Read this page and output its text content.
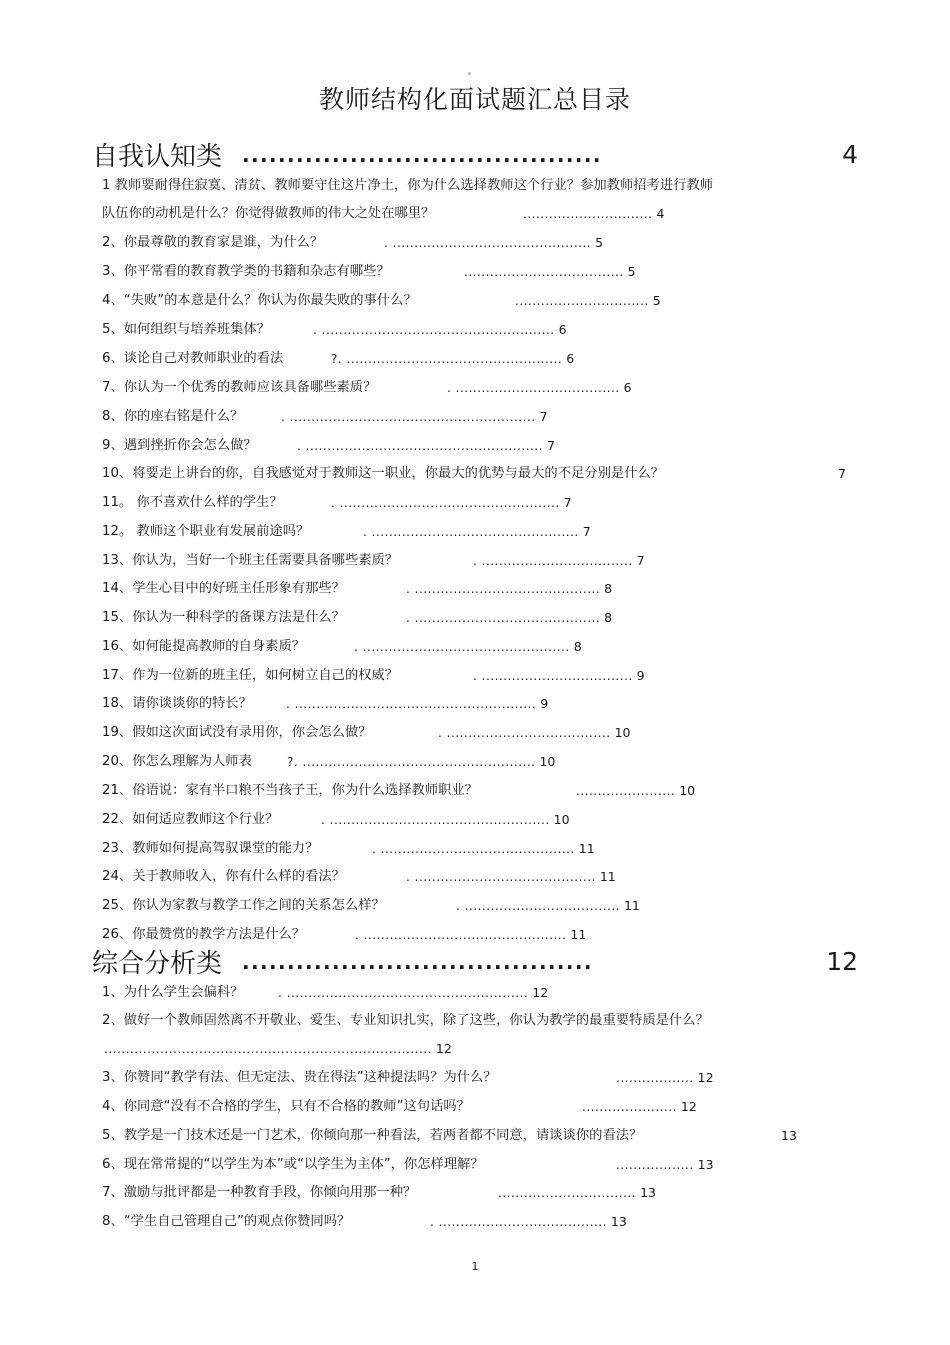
教师结构化面试题汇总目录
自我认知类 ........................................	4
1 教师要耐得住寂寞、清贫、教师要守住这片净土，你为什么选择教师这个行业？参加教师招考进行教师
队伍你的动机是什么？你觉得做教师的伟大之处在哪里？	.............................. 4
2、你最尊敬的教育家是谁，为什么？	. .............................................. 5
3、你平常看的教育教学类的书籍和杂志有哪些？	..................................... 5
4、“失败”的本意是什么？你认为你最失败的事什么？	............................... 5
5、如何组织与培养班集体？	. ...................................................... 6
6、谈论自己对教师职业的看法	?. .................................................. 6
7、你认为一个优秀的教师应该具备哪些素质？	. ...................................... 6
8、你的座右铭是什么？	. ......................................................... 7
9、遇到挫折你会怎么做？	. ....................................................... 7
10、将要走上讲台的你，自我感觉对于教师这一职业，你最大的优势与最大的不足分别是什么？	7
11。 你不喜欢什么样的学生？	. ................................................... 7
12。 教师这个职业有发展前途吗？	. ................................................ 7
13、你认为，当好一个班主任需要具备哪些素质？	. ................................... 7
14、学生心目中的好班主任形象有那些？	. ........................................... 8
15、你认为一种科学的备课方法是什么？	. ........................................... 8
16、如何能提高教师的自身素质？	. ................................................ 8
17、作为一位新的班主任，如何树立自己的权威？	. ................................... 9
18、请你谈谈你的特长？	. ........................................................ 9
19、假如这次面试没有录用你，你会怎么做？	. ...................................... 10
20、你怎么理解为人师表	?. ...................................................... 10
21、俗语说：家有半口粮不当孩子王，你为什么选择教师职业？	....................... 10
22、如何适应教师这个行业？	. ................................................... 10
23、教师如何提高驾驭课堂的能力？	. ............................................. 11
24、关于教师收入，你有什么样的看法？	. .......................................... 11
25、你认为家教与教学工作之间的关系怎么样？	. .................................... 11
26、你最赞赏的教学方法是什么？	. ............................................... 11
综合分析类 .......................................	12
1、为什么学生会偏科？	. ........................................................ 12
2、做好一个教师固然离不开敬业、爱生、专业知识扎实，除了这些，你认为教学的最重要特质是什么？
............................................................................ 12
3、你赞同“教学有法、但无定法、贵在得法”这种提法吗？为什么？	.................. 12
4、你同意“没有不合格的学生，只有不合格的教师”这句话吗？	...................... 12
5、教学是一门技术还是一门艺术，你倾向那一种看法，若两者都不同意，请谈谈你的看法？	13
6、现在常常提的“以学生为本”或“以学生为主体”，你怎样理解？	.................. 13
7、激励与批评都是一种教育手段，你倾向用那一种？	................................ 13
8、“学生自己管理自己”的观点你赞同吗？	. ....................................... 13
1
